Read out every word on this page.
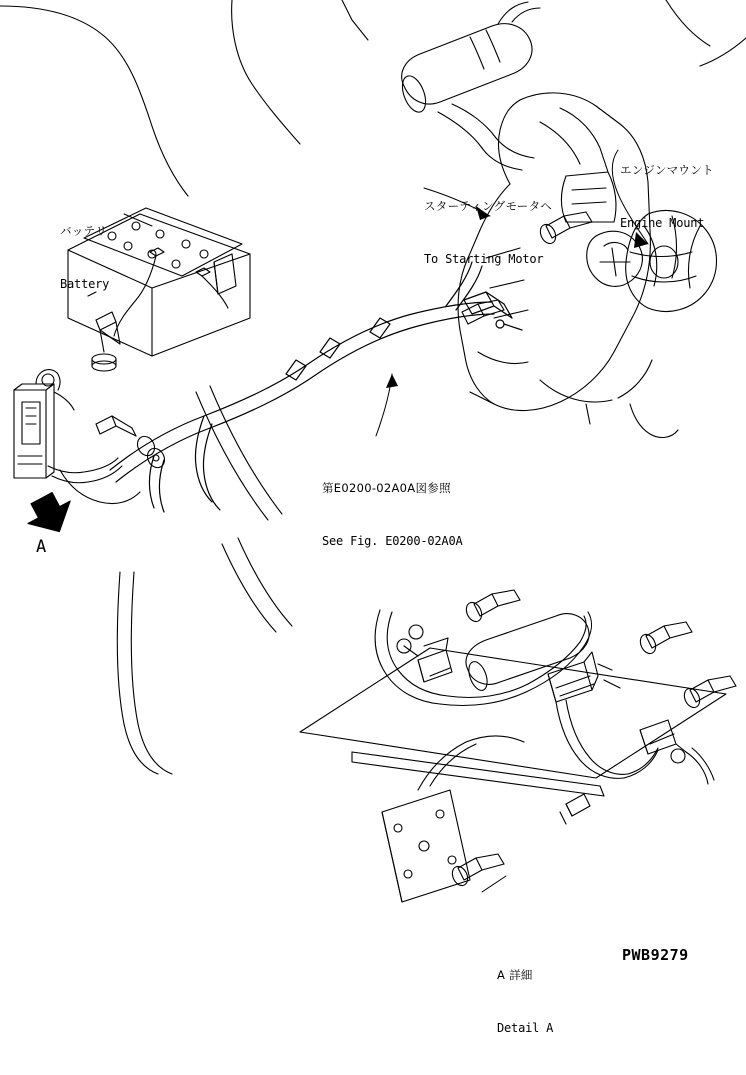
バッテリ

Battery

スターティングモータへ

To Starting Motor

エンジンマウント

Engine Mount

第E0200-02A0A図参照

See Fig. E0200-02A0A

A 詳細

Detail A

A
PWB9279
